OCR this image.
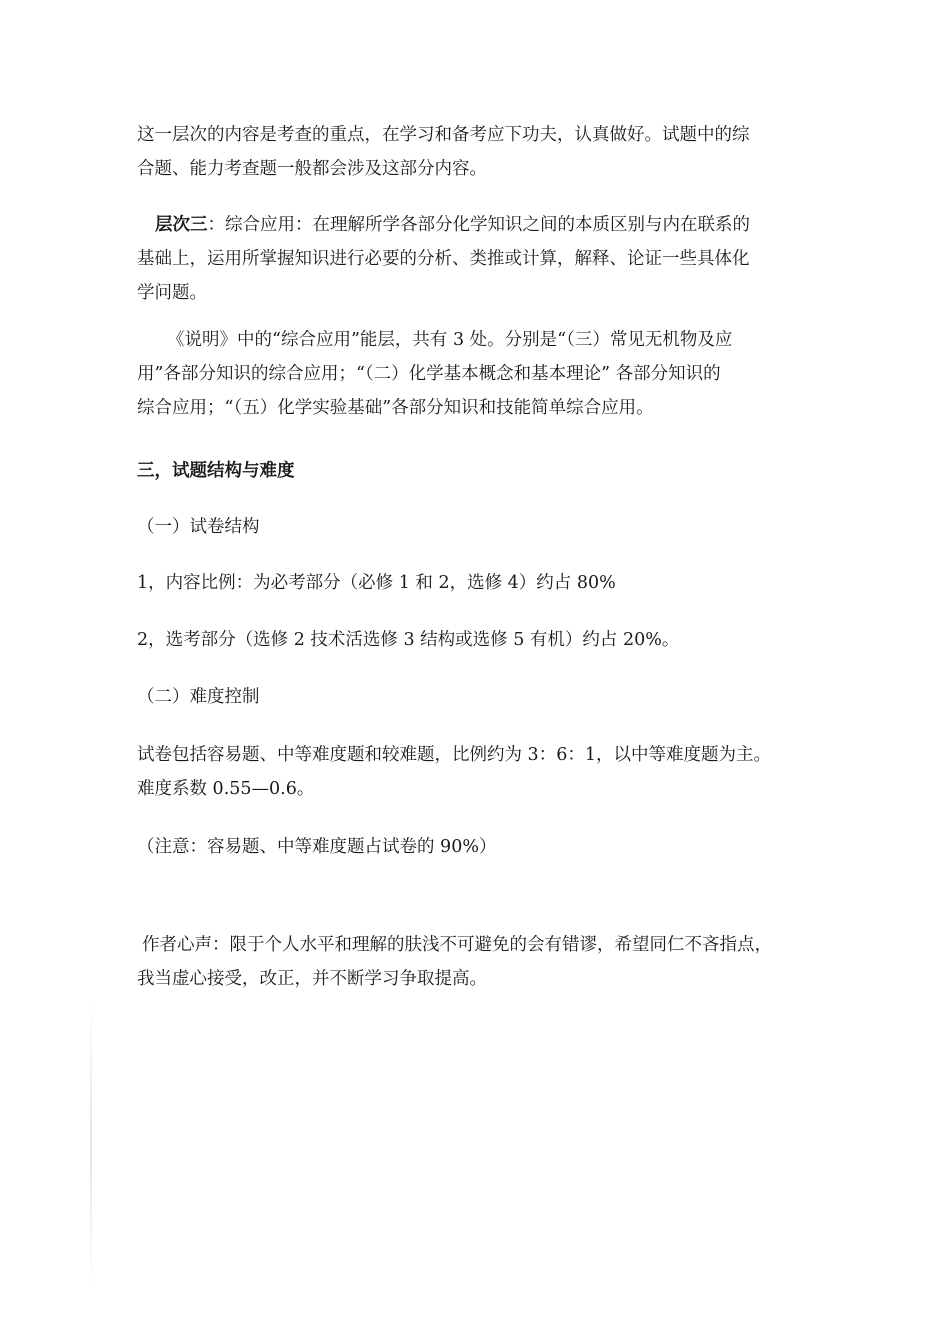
这一层次的内容是考查的重点，在学习和备考应下功夫，认真做好。试题中的综

合题、能力考查题一般都会涉及这部分内容。

层次三：综合应用：在理解所学各部分化学知识之间的本质区别与内在联系的

基础上，运用所掌握知识进行必要的分析、类推或计算，解释、论证一些具体化

学问题。

《说明》中的“综合应用”能层，共有 3 处。分别是“（三）常见无机物及应

用”各部分知识的综合应用；“（二）化学基本概念和基本理论” 各部分知识的

综合应用；“（五）化学实验基础”各部分知识和技能简单综合应用。

三，试题结构与难度

（一）试卷结构

1，内容比例：为必考部分（必修 1 和 2，选修 4）约占 80%

2，选考部分（选修 2 技术活选修 3 结构或选修 5 有机）约占 20%。

（二）难度控制

试卷包括容易题、中等难度题和较难题，比例约为 3：6：1，以中等难度题为主。

难度系数 0.55—0.6。

（注意：容易题、中等难度题占试卷的 90%）

作者心声：限于个人水平和理解的肤浅不可避免的会有错谬，希望同仁不吝指点，

我当虚心接受，改正，并不断学习争取提高。
